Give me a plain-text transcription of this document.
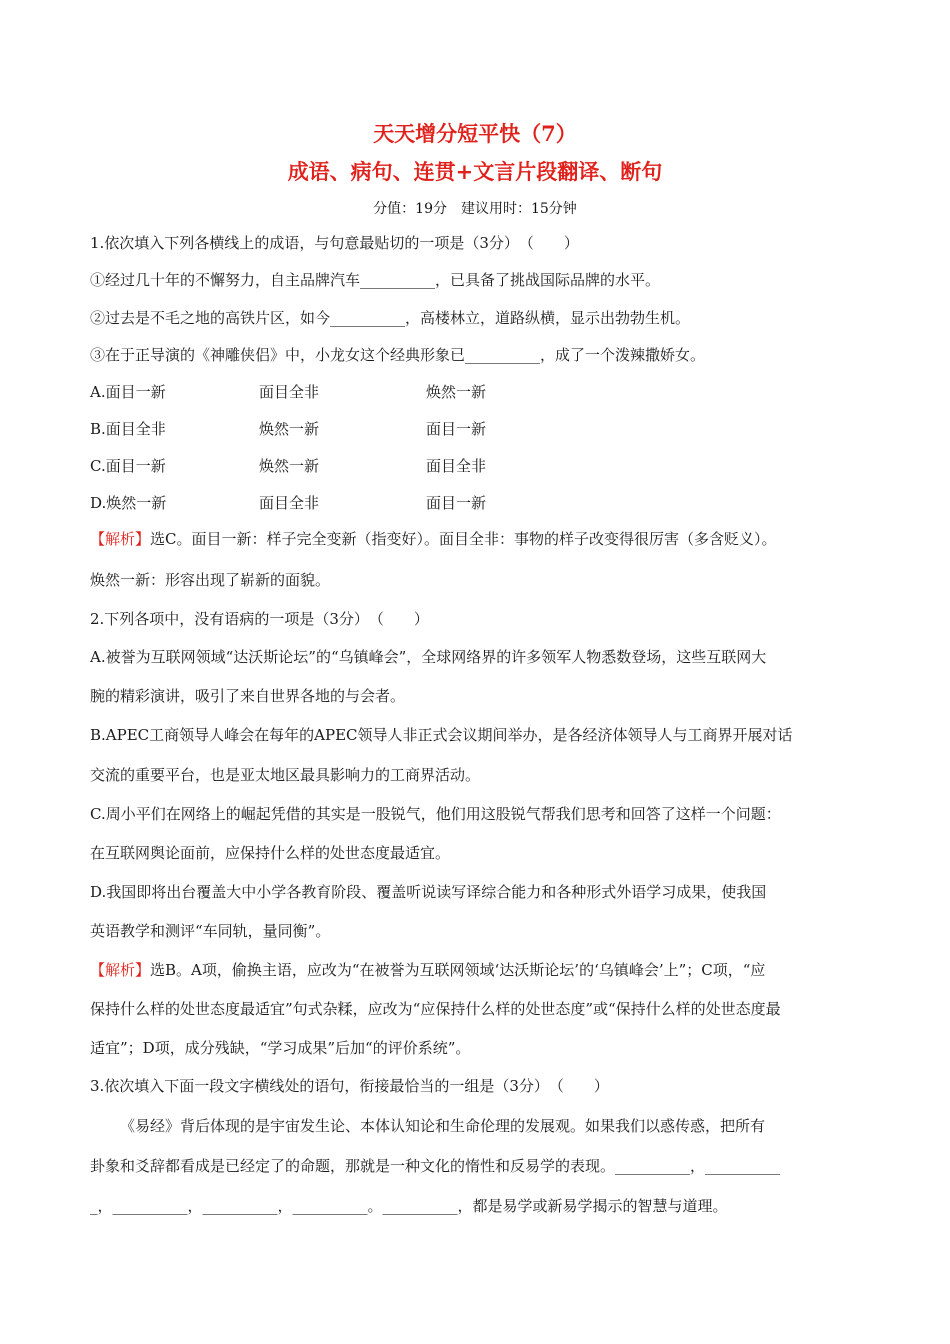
天天增分短平快（7）
成语、病句、连贯+文言片段翻译、断句
分值：19分　建议用时：15分钟
1.依次填入下列各横线上的成语，与句意最贴切的一项是（3分）　（　　）
①经过几十年的不懈努力，自主品牌汽车__________，已具备了挑战国际品牌的水平。
②过去是不毛之地的高铁片区，如今__________，高楼林立，道路纵横，显示出勃勃生机。
③在于正导演的《神雕侠侣》中，小龙女这个经典形象已__________，成了一个泼辣撒娇女。
A.面目一新	面目全非	焕然一新
B.面目全非	焕然一新	面目一新
C.面目一新	焕然一新	面目全非
D.焕然一新	面目全非	面目一新
【解析】选C。面目一新：样子完全变新（指变好）。面目全非：事物的样子改变得很厉害（多含贬义）。
焕然一新：形容出现了崭新的面貌。
2.下列各项中，没有语病的一项是（3分）　（　　）
A.被誉为互联网领域“达沃斯论坛”的“乌镇峰会”，全球网络界的许多领军人物悉数登场，这些互联网大
腕的精彩演讲，吸引了来自世界各地的与会者。
B.APEC工商领导人峰会在每年的APEC领导人非正式会议期间举办，是各经济体领导人与工商界开展对话
交流的重要平台，也是亚太地区最具影响力的工商界活动。
C.周小平们在网络上的崛起凭借的其实是一股锐气，他们用这股锐气帮我们思考和回答了这样一个问题：
在互联网舆论面前，应保持什么样的处世态度最适宜。
D.我国即将出台覆盖大中小学各教育阶段、覆盖听说读写译综合能力和各种形式外语学习成果，使我国
英语教学和测评“车同轨，量同衡”。
【解析】选B。A项，偷换主语，应改为“在被誉为互联网领域‘达沃斯论坛’的‘乌镇峰会’上”；C项，“应
保持什么样的处世态度最适宜”句式杂糅，应改为“应保持什么样的处世态度”或“保持什么样的处世态度最
适宜”；D项，成分残缺，“学习成果”后加“的评价系统”。
3.依次填入下面一段文字横线处的语句，衔接最恰当的一组是（3分）　（　　）
《易经》背后体现的是宇宙发生论、本体认知论和生命伦理的发展观。如果我们以惑传惑，把所有
卦象和爻辞都看成是已经定了的命题，那就是一种文化的惰性和反易学的表现。__________，__________
_，__________，__________，__________。__________，都是易学或新易学揭示的智慧与道理。
